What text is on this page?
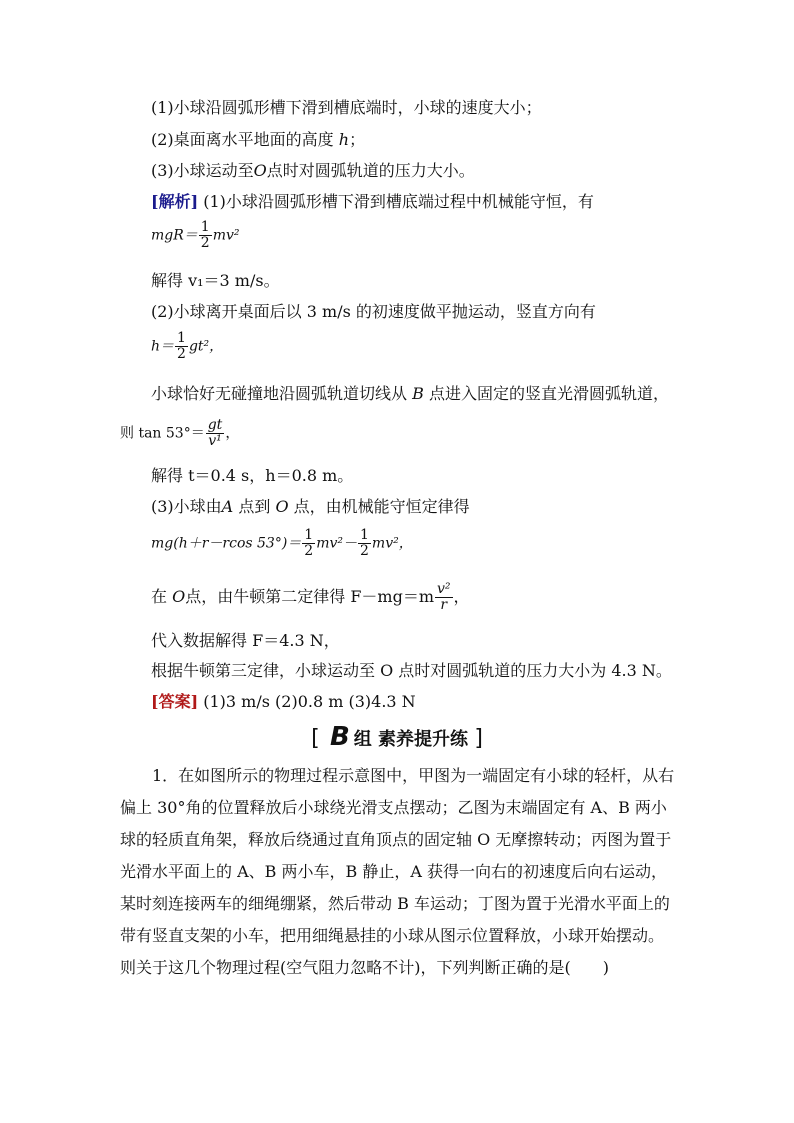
(1)小球沿圆弧形槽下滑到槽底端时，小球的速度大小；
(2)桌面离水平地面的高度 h；
(3)小球运动至O点时对圆弧轨道的压力大小。
[解析] (1)小球沿圆弧形槽下滑到槽底端过程中机械能守恒，有
$mgR= \frac{1}{2} mv^2$
解得 v₁＝3 m/s。
(2)小球离开桌面后以 3 m/s 的初速度做平抛运动，竖直方向有
$h= \frac{1}{2} gt^2$，
小球恰好无碰撞地沿圆弧轨道切线从 B 点进入固定的竖直光滑圆弧轨道，
则 $\tan 53^\circ= \frac{gt}{\text{v¹}}$ ，
解得 t＝0.4 s，h＝0.8 m。
(3)小球由A 点到 O 点，由机械能守恒定律得
mg(h＋r－rcos $53^\circ)= \frac{1}{2} mv^2- \frac{1}{2} mv^2$，
在 O点，由牛顿第二定律得 $F-mg=m \frac{\text{v²}}{r}$ ，
代入数据解得 F＝4.3 N，
根据牛顿第三定律，小球运动至 O 点时对圆弧轨道的压力大小为 4.3 N。
[答案] (1)3 m/s (2)0.8 m (3)4.3 N
[ B 组 素养提升练 ]
1．在如图所示的物理过程示意图中，甲图为一端固定有小球的轻杆，从右偏上 30°角的位置释放后小球绕光滑支点摆动；乙图为末端固定有 A、B 两小球的轻质直角架，释放后绕通过直角顶点的固定轴 O 无摩擦转动；丙图为置于光滑水平面上的 A、B 两小车，B 静止，A 获得一向右的初速度后向右运动，某时刻连接两车的细绳绷紧，然后带动 B 车运动；丁图为置于光滑水平面上的带有竖直支架的小车，把用细绳悬挂的小球从图示位置释放，小球开始摆动。则关于这几个物理过程(空气阻力忽略不计)，下列判断正确的是(　　)
